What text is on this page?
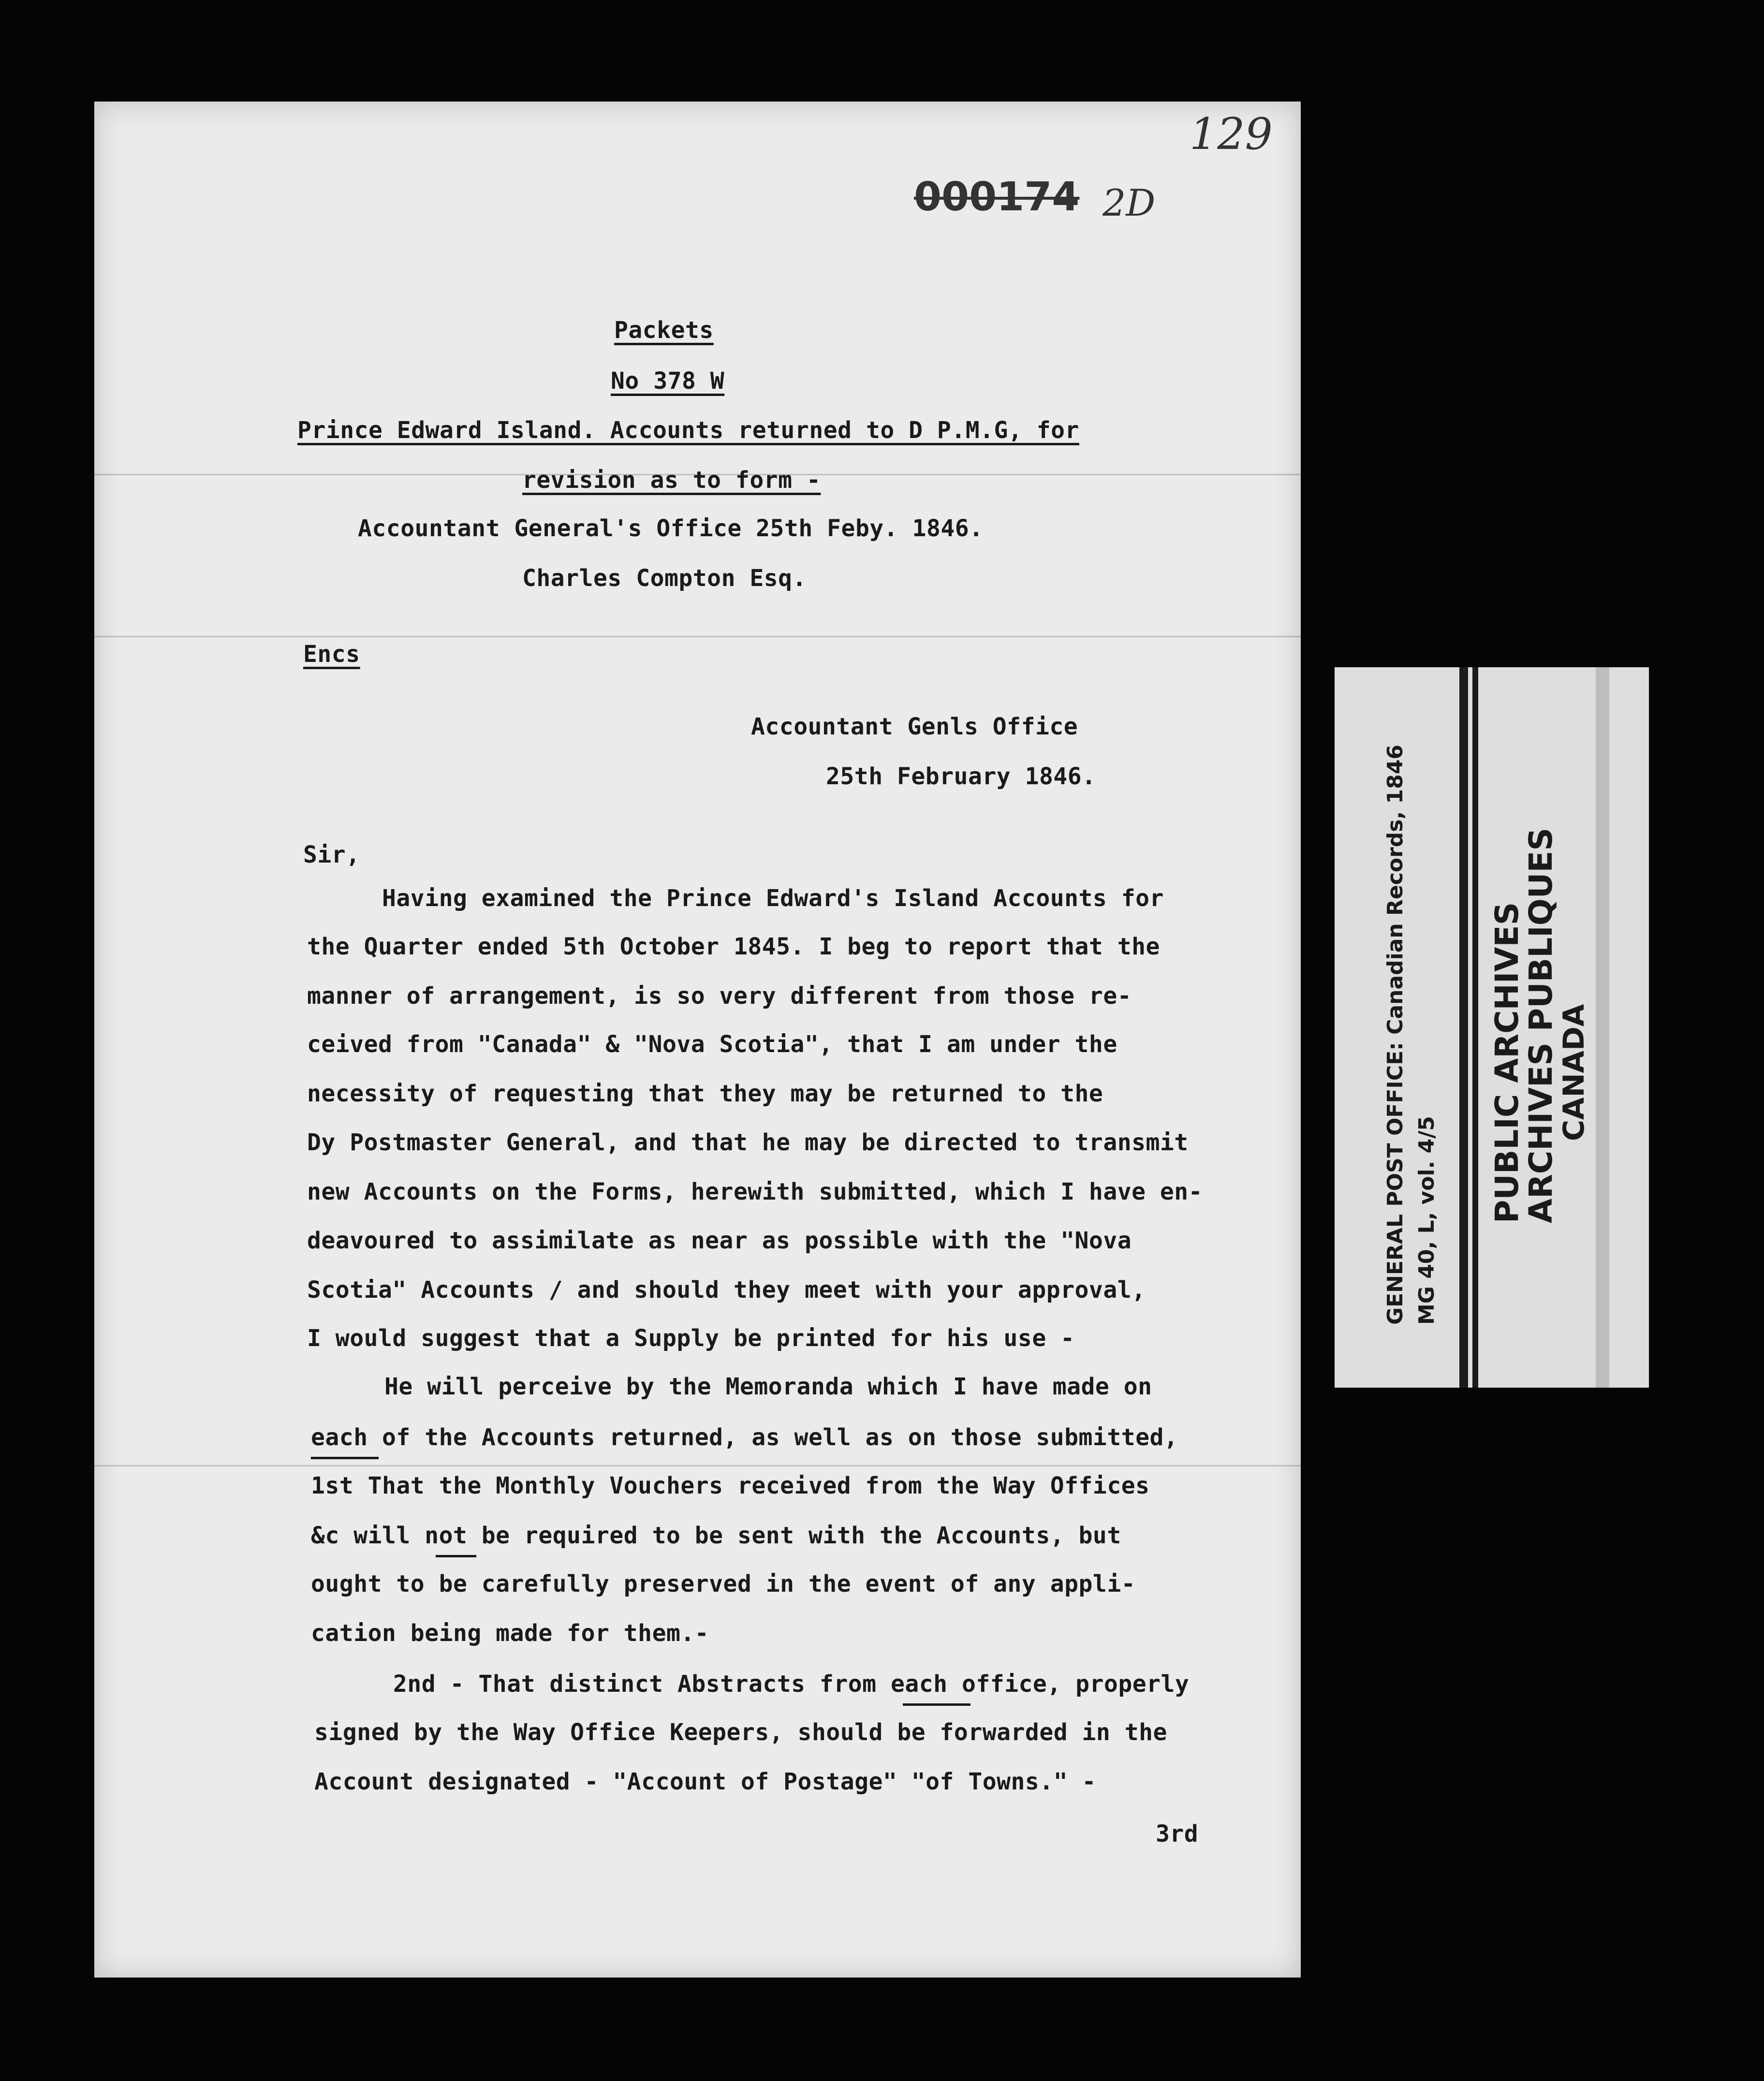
129
000174 2D
Packets
No 378 W
Prince Edward Island. Accounts returned to D P.M.G, for
revision as to form -
Accountant General's Office 25th Feby. 1846.
Charles Compton Esq.
Encs
Accountant Genls Office
25th February 1846.
Sir,
Having examined the Prince Edward's Island Accounts for
the Quarter ended 5th October 1845. I beg to report that the
manner of arrangement, is so very different from those re-
ceived from "Canada" & "Nova Scotia", that I am under the
necessity of requesting that they may be returned to the
Dy Postmaster General, and that he may be directed to transmit
new Accounts on the Forms, herewith submitted, which I have en-
deavoured to assimilate as near as possible with the "Nova
Scotia" Accounts / and should they meet with your approval,
I would suggest that a Supply be printed for his use -
He will perceive by the Memoranda which I have made on
each of the Accounts returned, as well as on those submitted,
1st That the Monthly Vouchers received from the Way Offices
&c will not be required to be sent with the Accounts, but
ought to be carefully preserved in the event of any appli-
cation being made for them.-
2nd - That distinct Abstracts from each office, properly
signed by the Way Office Keepers, should be forwarded in the
Account designated - "Account of Postage" "of Towns." -
3rd
GENERAL POST OFFICE: Canadian Records, 1846 MG 40, L, vol. 4/5 PUBLIC ARCHIVES
ARCHIVES PUBLIQUES
CANADA
